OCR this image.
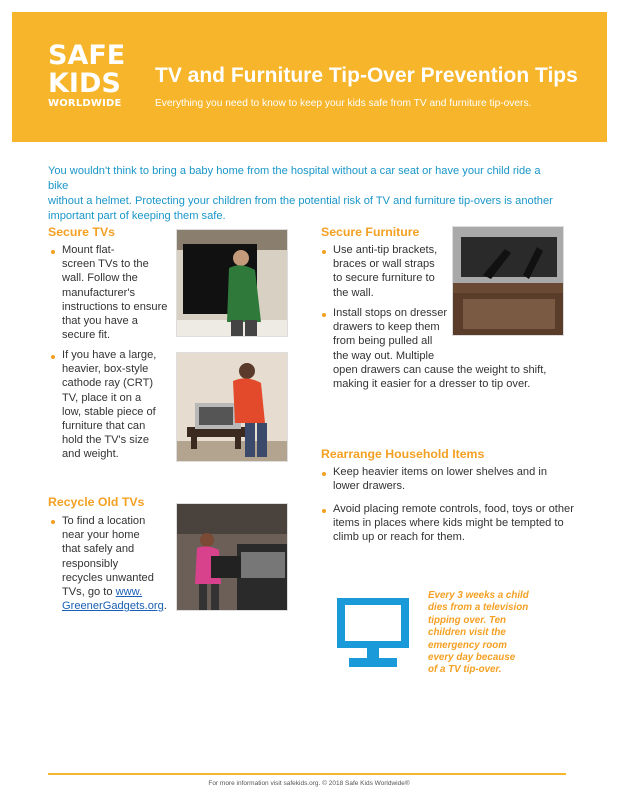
SAFE
KIDS
WORLDWIDE
TV and Furniture Tip-Over Prevention Tips
Everything you need to know to keep your kids safe from TV and furniture tip-overs.
You wouldn't think to bring a baby home from the hospital without a car seat or have your child ride a bike
without a helmet. Protecting your children from the potential risk of TV and furniture tip-overs is another
important part of keeping them safe.
Secure TVs
Mount flat-
screen TVs to the
wall. Follow the
manufacturer's
instructions to ensure
that you have a
secure fit.
If you have a large,
heavier, box-style
cathode ray (CRT)
TV, place it on a
low, stable piece of
furniture that can
hold the TV's size
and weight.
Recycle Old TVs
To find a location
near your home
that safely and
responsibly
recycles unwanted
TVs, go to www.
GreenerGadgets.org.
Secure Furniture
Use anti-tip brackets,
braces or wall straps
to secure furniture to
the wall.
Install stops on dresser
drawers to keep them
from being pulled all
the way out. Multiple
open drawers can cause the weight to shift,
making it easier for a dresser to tip over.
Rearrange Household Items
Keep heavier items on lower shelves and in
lower drawers.
Avoid placing remote controls, food, toys or other
items in places where kids might be tempted to
climb up or reach for them.
Every 3 weeks a child
dies from a television
tipping over. Ten
children visit the
emergency room
every day because
of a TV tip-over.
For more information visit safekids.org. © 2018 Safe Kids Worldwide®
